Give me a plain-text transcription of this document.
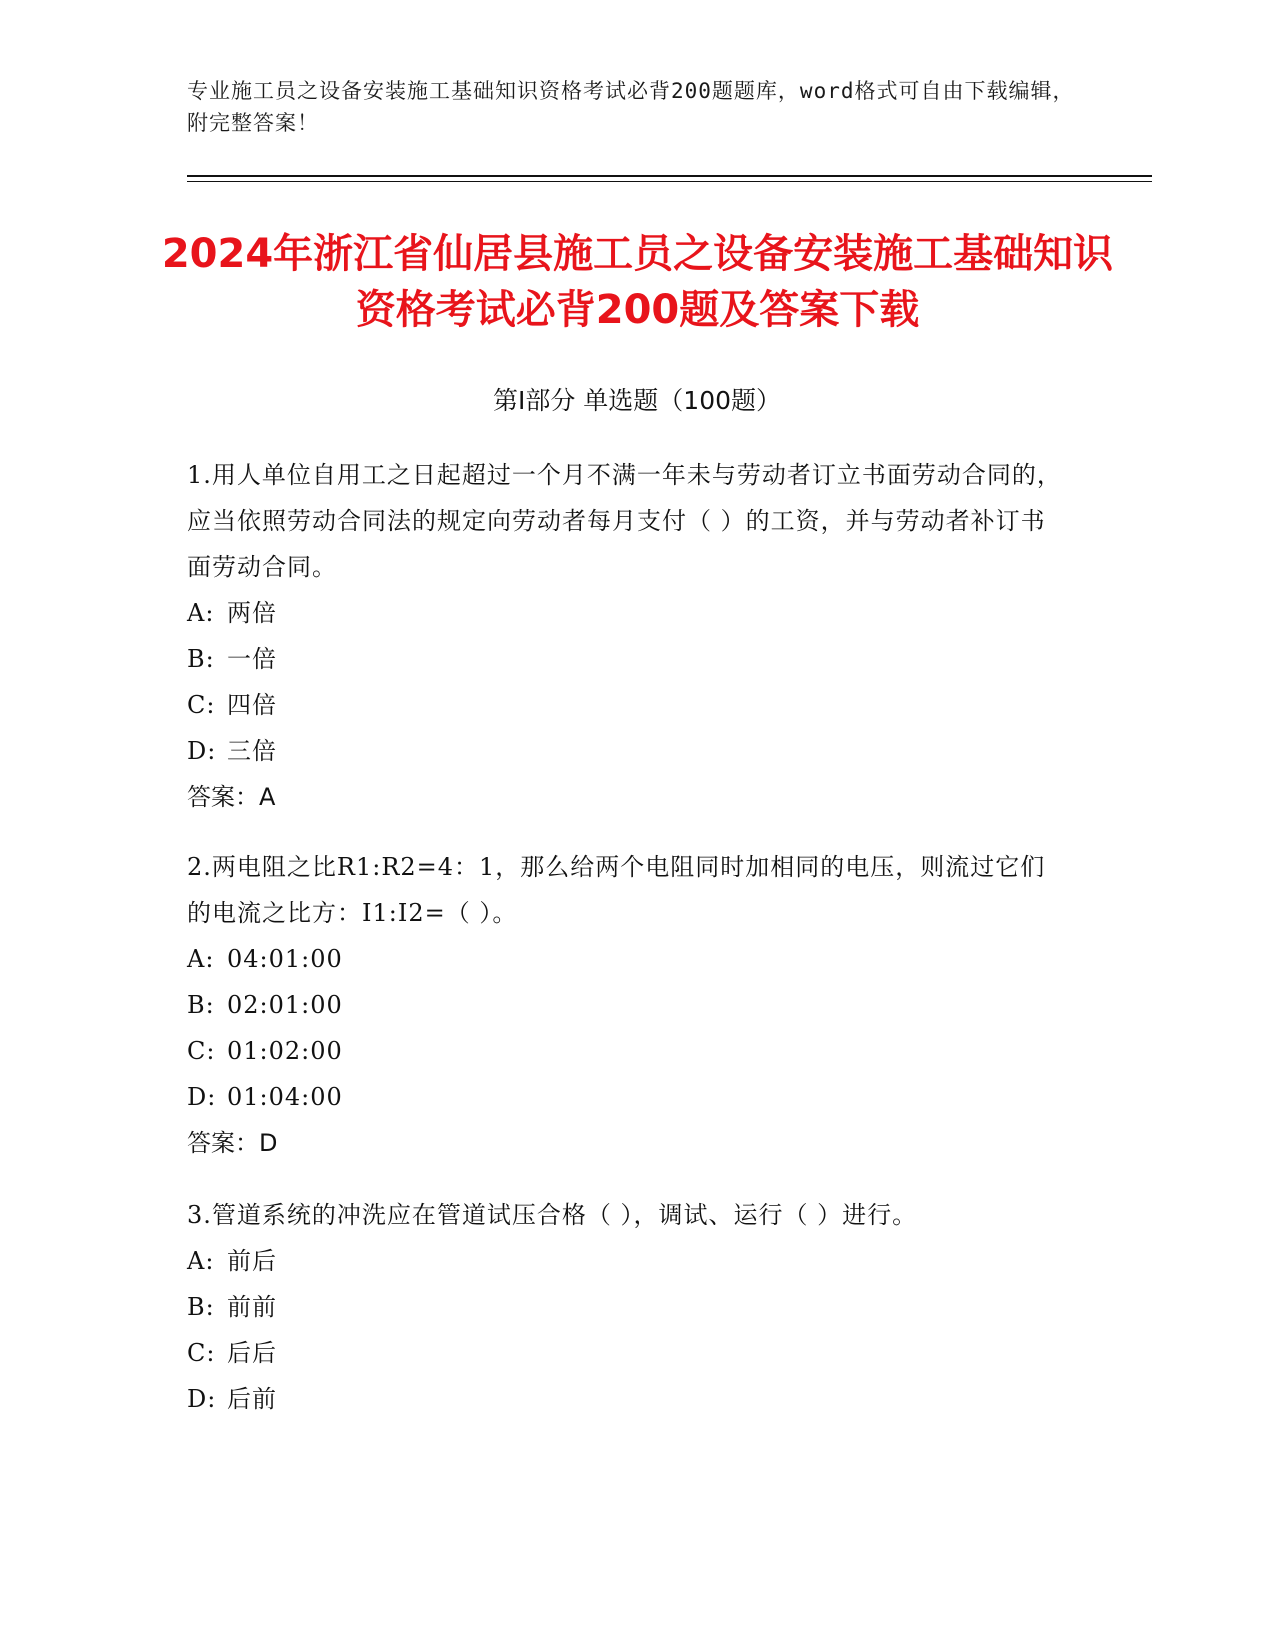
专业施工员之设备安装施工基础知识资格考试必背200题题库，word格式可自由下载编辑，附完整答案！
2024年浙江省仙居县施工员之设备安装施工基础知识资格考试必背200题及答案下载
第Ⅰ部分 单选题（100题）

1.用人单位自用工之日起超过一个月不满一年未与劳动者订立书面劳动合同的，应当依照劳动合同法的规定向劳动者每月支付（ ）的工资，并与劳动者补订书面劳动合同。

A: 两倍

B: 一倍

C: 四倍

D: 三倍

答案：A

2.两电阻之比R1:R2=4：1，那么给两个电阻同时加相同的电压，则流过它们的电流之比方：I1:I2=（ ）。

A: 04:01:00

B: 02:01:00

C: 01:02:00

D: 01:04:00

答案：D

3.管道系统的冲洗应在管道试压合格（ ），调试、运行（ ）进行。

A: 前后

B: 前前

C: 后后

D: 后前
